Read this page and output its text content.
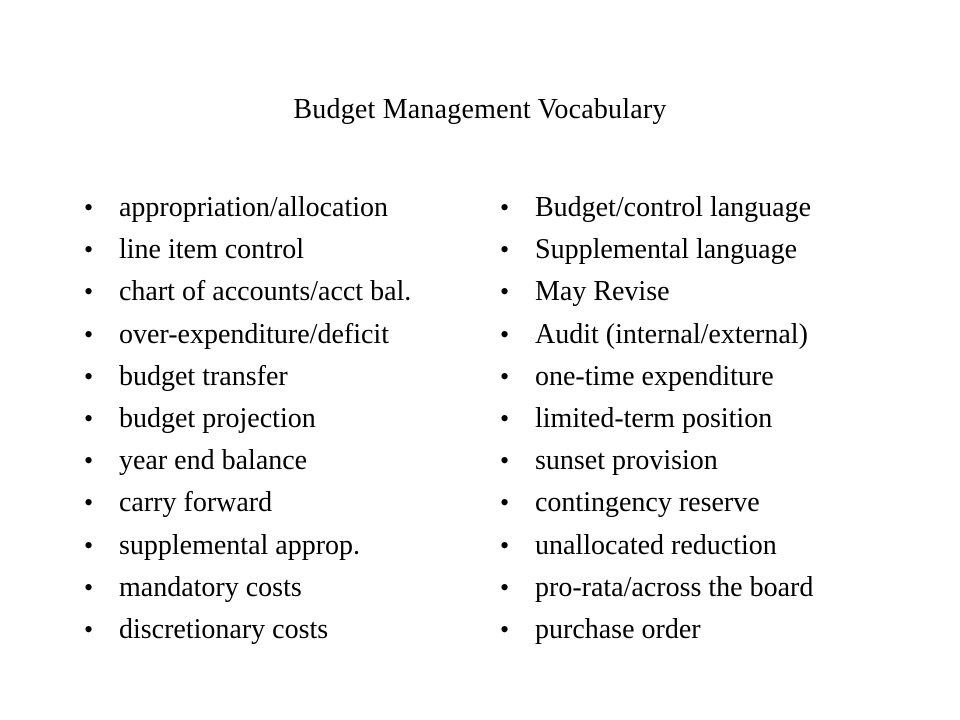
Budget Management Vocabulary
• appropriation/allocation
• line item control
• chart of accounts/acct bal.
• over-expenditure/deficit
• budget transfer
• budget projection
• year end balance
• carry forward
• supplemental approp.
• mandatory costs
• discretionary costs
• Budget/control language
• Supplemental language
• May Revise
• Audit (internal/external)
• one-time expenditure
• limited-term position
• sunset provision
• contingency reserve
• unallocated reduction
• pro-rata/across the board
• purchase order
